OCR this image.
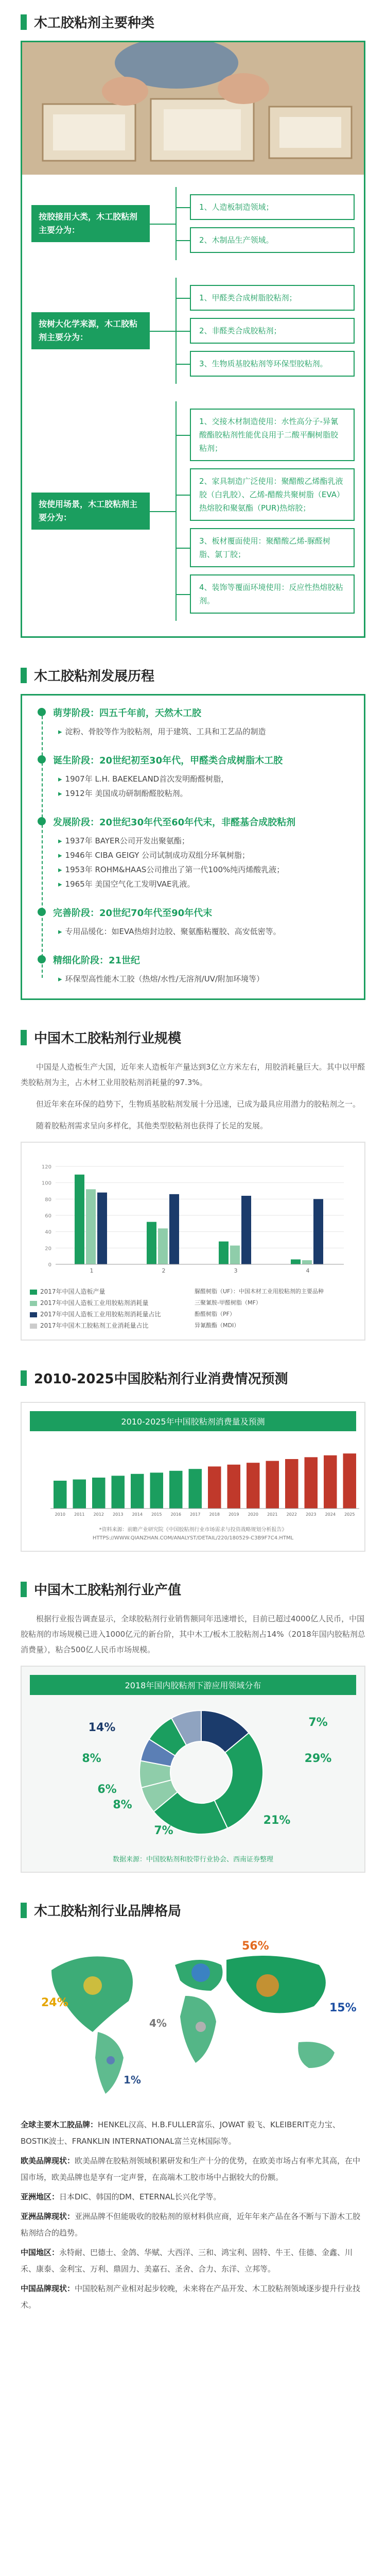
木工胶粘剂主要种类
按胶接用大类，木工胶粘剂主要分为：
1、人造板制造领域；
2、木制品生产领域。
按树大化学来源，木工胶粘剂主要分为：
1、甲醛类合成树脂胶粘剂；
2、非醛类合成胶粘剂；
3、生物质基胶粘剂等环保型胶粘剂。
按使用场景，木工胶粘剂主要分为：
1、交接木材制造使用：水性高分子-异氰酸酯胶粘剂性能优良用于二酸平酮树脂胶粘剂；
2、家具制造广泛使用：聚醋酸乙烯酯乳液胶（白乳胶）、乙烯-醋酸共聚树脂（EVA）热熔胶和聚氨酯（PUR)热熔胶；
3、板材覆面使用：聚醋酸乙烯-脲醛树脂、氯丁胶；
4、装饰等覆面环境使用：反应性热熔胶粘剂。
木工胶粘剂发展历程
萌芽阶段：四五千年前，天然木工胶
▸ 淀粉、骨胶等作为胶粘剂，用于建筑、工具和工艺品的制造
诞生阶段：20世纪初至30年代，甲醛类合成树脂木工胶
▸ 1907年 L.H. BAEKELAND首次发明酚醛树脂，
▸ 1912年 美国成功研制酚醛胶粘剂。
发展阶段：20世纪30年代至60年代末，非醛基合成胶粘剂
▸ 1937年 BAYER公司开发出聚氨酯；
▸ 1946年 CIBA GEIGY 公司试制成功双组分环氧树脂；
▸ 1953年 ROHM&HAAS公司推出了第一代100%纯丙烯酸乳液；
▸ 1965年 美国空气化工发明VAE乳液。
完善阶段：20世纪70年代至90年代末
▸ 专用品缓化：如EVA热熔封边胶、聚氨酯粘覆胶、高安低密等。
精细化阶段：21世纪
▸ 环保型高性能木工胶（热熔/水性/无溶剂/UV/附加环境等）
中国木工胶粘剂行业规模

中国是人造板生产大国，近年来人造板年产量达到3亿立方米左右，用胶消耗量巨大。其中以甲醛类胶粘剂为主，占木材工业用胶粘剂消耗量的97.3%。

但近年来在环保的趋势下，生物质基胶粘剂发展十分迅速，已成为最具应用潜力的胶粘剂之一。

随着胶粘剂需求呈向多样化，其他类型胶粘剂也获得了长足的发展。

0
20
40
60
80
100
120
1	2	3	4
2017年中国人造板产量
2017年中国人造板工业用胶粘剂消耗量
2017年中国人造板工业用胶粘剂消耗量占比
2017年中国木工胶粘剂工业消耗量占比
脲醛树脂（UF）：中国木材工业用胶粘剂的主要品种
三聚氰胺-甲醛树脂（MF）
酚醛树脂（PF）
异氰酸酯（MDI）
2010-2025中国胶粘剂行业消费情况预测
2010-2025年中国胶粘剂消费量及预测
2010 2011 2012 2013 2014 2015 2016 2017 2018 2019 2020 2021 2022 2023 2024 2025
*资料来源：前瞻产业研究院《中国胶粘剂行业市场需求与投资战略规划分析报告》 HTTPS://WWW.QIANZHAN.COM/ANALYST/DETAIL/220/180529-C3B9F7C4.HTML
中国木工胶粘剂行业产值

根据行业报告调查显示，全球胶粘剂行业销售额同年迅速增长，目前已超过4000亿人民币，中国胶粘剂的市场规模已进入1000亿元的新台阶，其中木工/板木工胶粘剂占14%（2018年国内胶粘剂总消费量），粘合500亿人民币市场规模。

2018年国内胶粘剂下游应用领域分布
14%	7%
29%
21%
7%
8%
6%
8%
数据来源：中国胶粘剂和胶带行业协会、西南证券整理
木工胶粘剂行业品牌格局
56%
24%	15%
4%
1%

全球主要木工胶品牌：HENKEL汉高、H.B.FULLER富乐、JOWAT 毅飞、KLEIBERIT克力宝、BOSTIK波士、FRANKLIN INTERNATIONAL富兰克林国际等。

欧美品牌现状：欧美品牌在胶粘剂领域积累研发和生产十分的优势，在欧美市场占有率尤其高，在中国市场，欧美品牌也是享有一定声誉，在高端木工胶市场中占据较大的份额。

亚洲地区：日本DIC、韩国的DM、ETERNAL长兴化学等。

亚洲品牌现状：亚洲品牌不但能吸收的胶粘剂的原材料供应商，近年年来产品在各不断与下游木工胶粘剂结合的趋势。

中国地区：永特耐、巴德士、金鸽、华赋、大西洋、三和、鸿宝利、固特、牛王、佳德、金鑫、川禾、康泰、金利宝、万利、鼎固力、美嘉石、圣舍、合力、东洋、立邦等。

中国品牌现状：中国胶粘剂产业相对起步较晚，未来将在产品开发、木工胶粘剂领域逐步提升行业技术。
